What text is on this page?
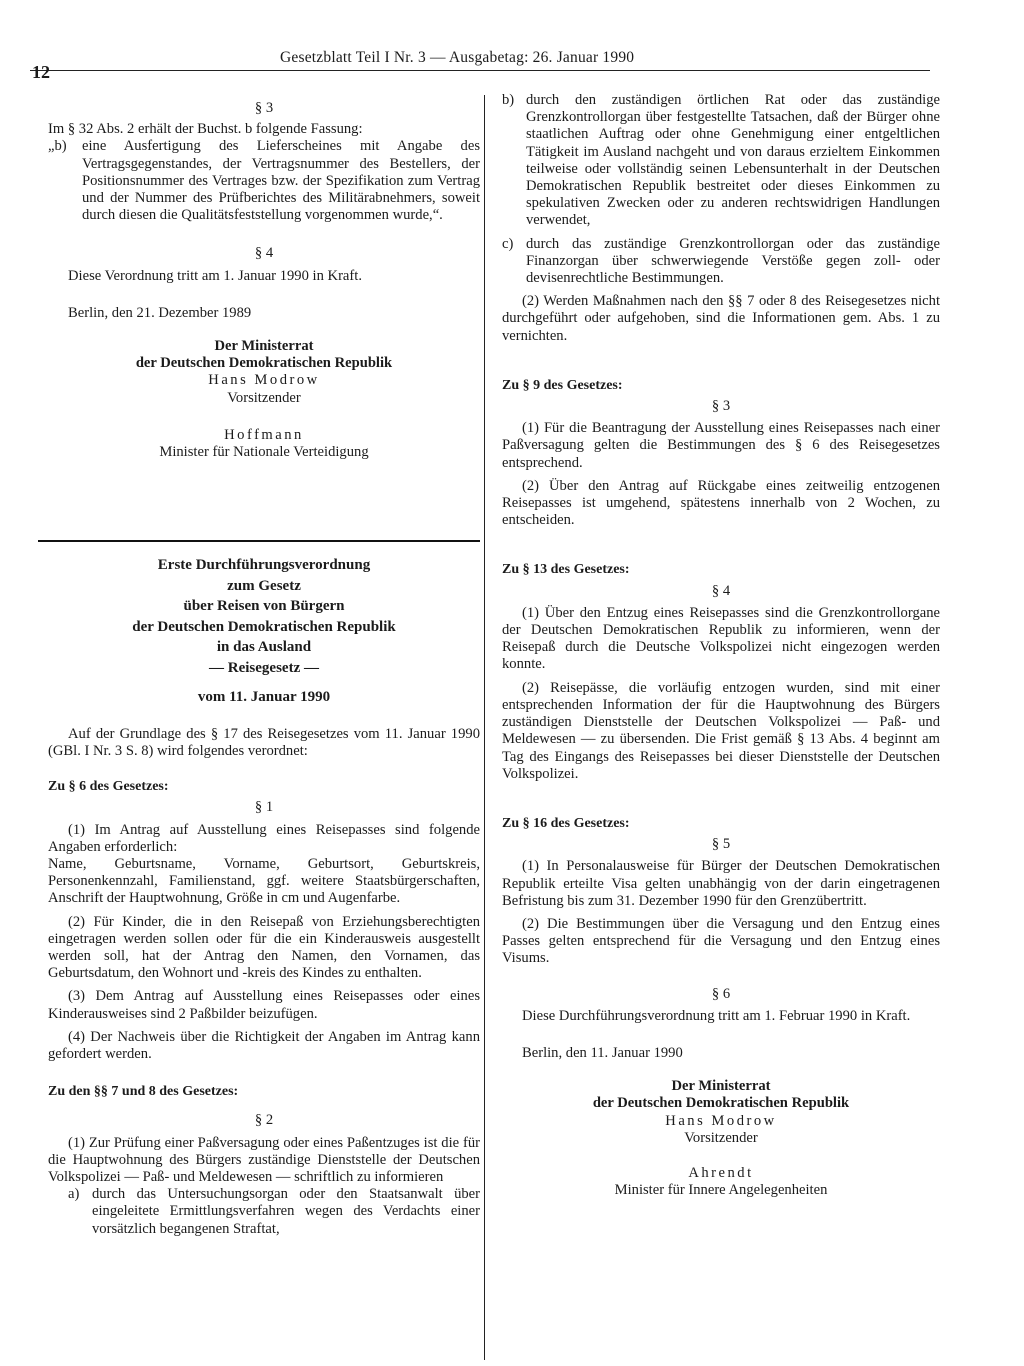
12
Gesetzblatt Teil I Nr. 3 — Ausgabetag: 26. Januar 1990

§ 3

Im § 32 Abs. 2 erhält der Buchst. b folgende Fassung:

„b) eine Ausfertigung des Lieferscheines mit Angabe des Vertragsgegenstandes, der Vertragsnummer des Bestellers, der Positionsnummer des Vertrages bzw. der Spezifikation zum Vertrag und der Nummer des Prüfberichtes des Militärabnehmers, soweit durch diesen die Qualitätsfeststellung vorgenommen wurde,“.

§ 4

Diese Verordnung tritt am 1. Januar 1990 in Kraft.

Berlin, den 21. Dezember 1989

Der Ministerrat

der Deutschen Demokratischen Republik

Hans Modrow

Vorsitzender

Hoffmann

Minister für Nationale Verteidigung

Erste Durchführungsverordnung
zum Gesetz
über Reisen von Bürgern
der Deutschen Demokratischen Republik
in das Ausland
— Reisegesetz —
vom 11. Januar 1990

Auf der Grundlage des § 17 des Reisegesetzes vom 11. Januar 1990 (GBl. I Nr. 3 S. 8) wird folgendes verordnet:

Zu § 6 des Gesetzes:

§ 1

(1) Im Antrag auf Ausstellung eines Reisepasses sind folgende Angaben erforderlich:

Name, Geburtsname, Vorname, Geburtsort, Geburtskreis, Personenkennzahl, Familienstand, ggf. weitere Staatsbürgerschaften, Anschrift der Hauptwohnung, Größe in cm und Augenfarbe.

(2) Für Kinder, die in den Reisepaß von Erziehungsberechtigten eingetragen werden sollen oder für die ein Kinderausweis ausgestellt werden soll, hat der Antrag den Namen, den Vornamen, das Geburtsdatum, den Wohnort und -kreis des Kindes zu enthalten.

(3) Dem Antrag auf Ausstellung eines Reisepasses oder eines Kinderausweises sind 2 Paßbilder beizufügen.

(4) Der Nachweis über die Richtigkeit der Angaben im Antrag kann gefordert werden.

Zu den §§ 7 und 8 des Gesetzes:

§ 2

(1) Zur Prüfung einer Paßversagung oder eines Paßentzuges ist die für die Hauptwohnung des Bürgers zuständige Dienststelle der Deutschen Volkspolizei — Paß- und Meldewesen — schriftlich zu informieren

a) durch das Untersuchungsorgan oder den Staatsanwalt über eingeleitete Ermittlungsverfahren wegen des Verdachts einer vorsätzlich begangenen Straftat,

b) durch den zuständigen örtlichen Rat oder das zuständige Grenzkontrollorgan über festgestellte Tatsachen, daß der Bürger ohne staatlichen Auftrag oder ohne Genehmigung einer entgeltlichen Tätigkeit im Ausland nachgeht und von daraus erzieltem Einkommen teilweise oder vollständig seinen Lebensunterhalt in der Deutschen Demokratischen Republik bestreitet oder dieses Einkommen zu spekulativen Zwecken oder zu anderen rechtswidrigen Handlungen verwendet,

c) durch das zuständige Grenzkontrollorgan oder das zuständige Finanzorgan über schwerwiegende Verstöße gegen zoll- oder devisenrechtliche Bestimmungen.

(2) Werden Maßnahmen nach den §§ 7 oder 8 des Reisegesetzes nicht durchgeführt oder aufgehoben, sind die Informationen gem. Abs. 1 zu vernichten.

Zu § 9 des Gesetzes:

§ 3

(1) Für die Beantragung der Ausstellung eines Reisepasses nach einer Paßversagung gelten die Bestimmungen des § 6 des Reisegesetzes entsprechend.

(2) Über den Antrag auf Rückgabe eines zeitweilig entzogenen Reisepasses ist umgehend, spätestens innerhalb von 2 Wochen, zu entscheiden.

Zu § 13 des Gesetzes:

§ 4

(1) Über den Entzug eines Reisepasses sind die Grenzkontrollorgane der Deutschen Demokratischen Republik zu informieren, wenn der Reisepaß durch die Deutsche Volkspolizei nicht eingezogen werden konnte.

(2) Reisepässe, die vorläufig entzogen wurden, sind mit einer entsprechenden Information der für die Hauptwohnung des Bürgers zuständigen Dienststelle der Deutschen Volkspolizei — Paß- und Meldewesen — zu übersenden. Die Frist gemäß § 13 Abs. 4 beginnt am Tag des Eingangs des Reisepasses bei dieser Dienststelle der Deutschen Volkspolizei.

Zu § 16 des Gesetzes:

§ 5

(1) In Personalausweise für Bürger der Deutschen Demokratischen Republik erteilte Visa gelten unabhängig von der darin eingetragenen Befristung bis zum 31. Dezember 1990 für den Grenzübertritt.

(2) Die Bestimmungen über die Versagung und den Entzug eines Passes gelten entsprechend für die Versagung und den Entzug eines Visums.

§ 6

Diese Durchführungsverordnung tritt am 1. Februar 1990 in Kraft.

Berlin, den 11. Januar 1990

Der Ministerrat

der Deutschen Demokratischen Republik

Hans Modrow

Vorsitzender

Ahrendt

Minister für Innere Angelegenheiten
